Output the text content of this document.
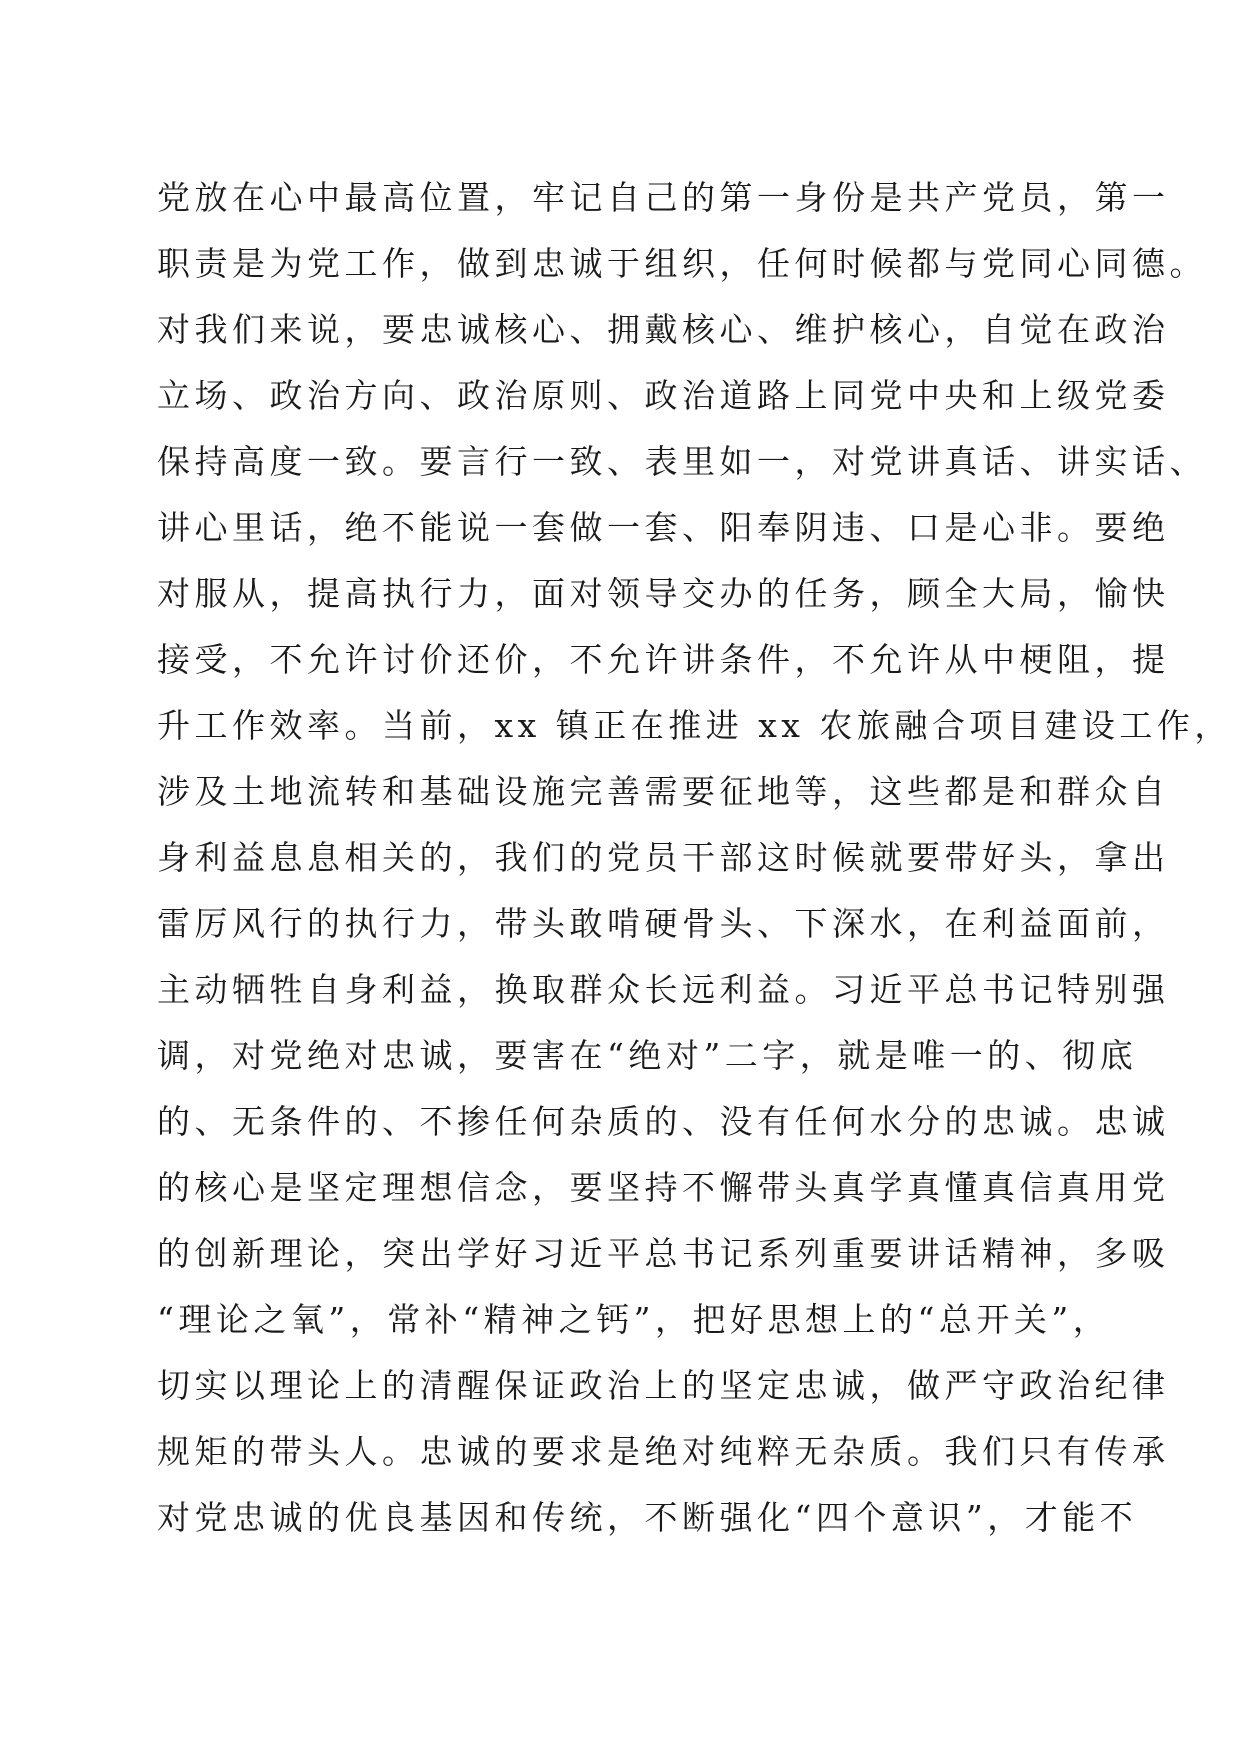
党放在心中最高位置，牢记自己的第一身份是共产党员，第一
职责是为党工作，做到忠诚于组织，任何时候都与党同心同德。
对我们来说，要忠诚核心、拥戴核心、维护核心，自觉在政治
立场、政治方向、政治原则、政治道路上同党中央和上级党委
保持高度一致。要言行一致、表里如一，对党讲真话、讲实话、
讲心里话，绝不能说一套做一套、阳奉阴违、口是心非。要绝
对服从，提高执行力，面对领导交办的任务，顾全大局，愉快
接受，不允许讨价还价，不允许讲条件，不允许从中梗阻，提
升工作效率。当前，xx 镇正在推进 xx 农旅融合项目建设工作，
涉及土地流转和基础设施完善需要征地等，这些都是和群众自
身利益息息相关的，我们的党员干部这时候就要带好头，拿出
雷厉风行的执行力，带头敢啃硬骨头、下深水，在利益面前，
主动牺牲自身利益，换取群众长远利益。习近平总书记特别强
调，对党绝对忠诚，要害在“绝对”二字，就是唯一的、彻底
的、无条件的、不掺任何杂质的、没有任何水分的忠诚。忠诚
的核心是坚定理想信念，要坚持不懈带头真学真懂真信真用党
的创新理论，突出学好习近平总书记系列重要讲话精神，多吸
“理论之氧”，常补“精神之钙”，把好思想上的“总开关”，
切实以理论上的清醒保证政治上的坚定忠诚，做严守政治纪律
规矩的带头人。忠诚的要求是绝对纯粹无杂质。我们只有传承
对党忠诚的优良基因和传统，不断强化“四个意识”，才能不
